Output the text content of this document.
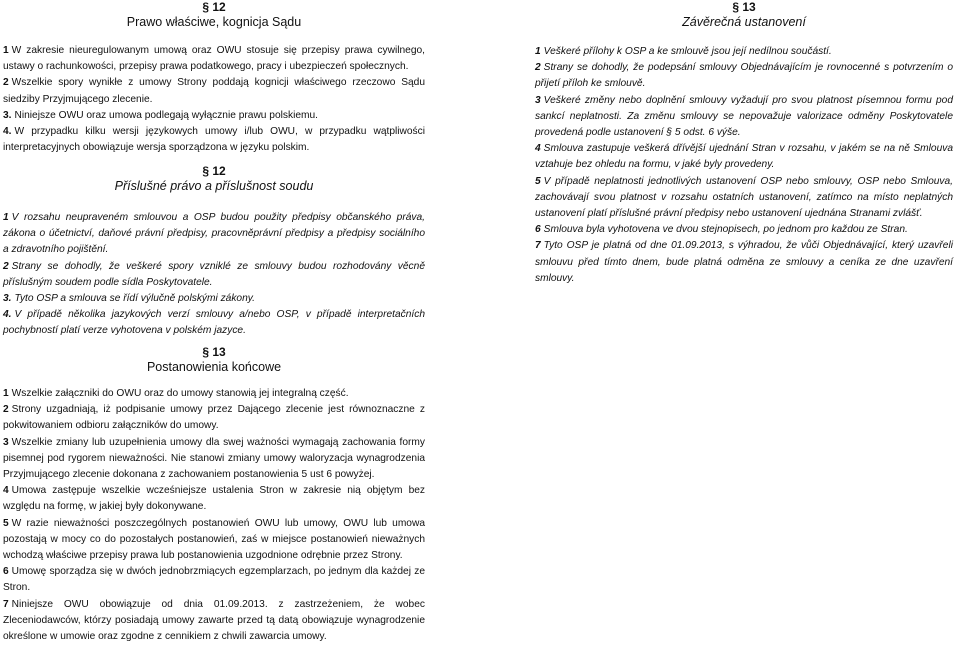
§ 12
Prawo właściwe, kognicja Sądu

1 W zakresie nieuregulowanym umową oraz OWU stosuje się przepisy prawa cywilnego, ustawy o rachunkowości, przepisy prawa podatkowego, pracy i ubezpieczeń społecznych.

2 Wszelkie spory wynikłe z umowy Strony poddają kognicji właściwego rzeczowo Sądu siedziby Przyjmującego zlecenie.

3. Niniejsze OWU oraz umowa podlegają wyłącznie prawu polskiemu.

4. W przypadku kilku wersji językowych umowy i/lub OWU, w przypadku wątpliwości interpretacyjnych obowiązuje wersja sporządzona w języku polskim.

§ 12
Příslušné právo a příslušnost soudu

1 V rozsahu neupraveném smlouvou a OSP budou použity předpisy občanského práva, zákona o účetnictví, daňové právní předpisy, pracovněprávní předpisy a předpisy sociálního a zdravotního pojištění.

2 Strany se dohodly, že veškeré spory vzniklé ze smlouvy budou rozhodovány věcně příslušným soudem podle sídla Poskytovatele.

3. Tyto OSP a smlouva se řídí výlučně polskými zákony.

4. V případě několika jazykových verzí smlouvy a/nebo OSP, v případě interpretačních pochybností platí verze vyhotovena v polském jazyce.

§ 13
Postanowienia końcowe

1 Wszelkie załączniki do OWU oraz do umowy stanowią jej integralną część.

2 Strony uzgadniają, iż podpisanie umowy przez Dającego zlecenie jest równoznaczne z pokwitowaniem odbioru załączników do umowy.

3 Wszelkie zmiany lub uzupełnienia umowy dla swej ważności wymagają zachowania formy pisemnej pod rygorem nieważności. Nie stanowi zmiany umowy waloryzacja wynagrodzenia Przyjmującego zlecenie dokonana z zachowaniem postanowienia 5 ust 6 powyżej.

4 Umowa zastępuje wszelkie wcześniejsze ustalenia Stron w zakresie nią objętym bez względu na formę, w jakiej były dokonywane.

5 W razie nieważności poszczególnych postanowień OWU lub umowy, OWU lub umowa pozostają w mocy co do pozostałych postanowień, zaś w miejsce postanowień nieważnych wchodzą właściwe przepisy prawa lub postanowienia uzgodnione odrębnie przez Strony.

6 Umowę sporządza się w dwóch jednobrzmiących egzemplarzach, po jednym dla każdej ze Stron.

7 Niniejsze OWU obowiązuje od dnia 01.09.2013. z zastrzeżeniem, że wobec Zleceniodawców, którzy posiadają umowy zawarte przed tą datą obowiązuje wynagrodzenie określone w umowie oraz zgodne z cennikiem z chwili zawarcia umowy.

§ 13
Závěrečná ustanovení

1 Veškeré přílohy k OSP a ke smlouvě jsou její nedílnou součástí.

2 Strany se dohodly, že podepsání smlouvy Objednávajícím je rovnocenné s potvrzením o přijetí příloh ke smlouvě.

3 Veškeré změny nebo doplnění smlouvy vyžadují pro svou platnost písemnou formu pod sankcí neplatnosti. Za změnu smlouvy se nepovažuje valorizace odměny Poskytovatele provedená podle ustanovení § 5 odst. 6 výše.

4 Smlouva zastupuje veškerá dřívější ujednání Stran v rozsahu, v jakém se na ně Smlouva vztahuje bez ohledu na formu, v jaké byly provedeny.

5 V případě neplatnosti jednotlivých ustanovení OSP nebo smlouvy, OSP nebo Smlouva, zachovávají svou platnost v rozsahu ostatních ustanovení, zatímco na místo neplatných ustanovení platí příslušné právní předpisy nebo ustanovení ujednána Stranami zvlášť.

6 Smlouva byla vyhotovena ve dvou stejnopisech, po jednom pro každou ze Stran.

7 Tyto OSP je platná od dne 01.09.2013, s výhradou, že vůči Objednávající, který uzavřeli smlouvu před tímto dnem, bude platná odměna ze smlouvy a ceníka ze dne uzavření smlouvy.
